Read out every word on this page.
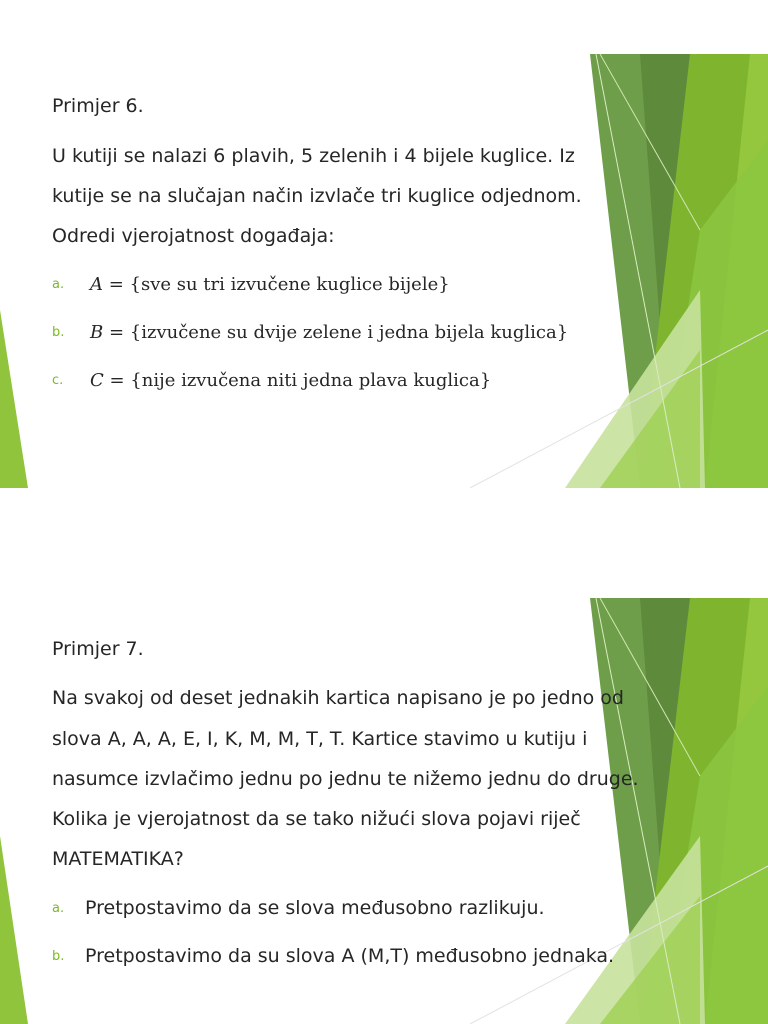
Primjer 6.
U kutiji se nalazi 6 plavih, 5 zelenih i 4 bijele kuglice. Iz
kutije se na slučajan način izvlače tri kuglice odjednom.
Odredi vjerojatnost događaja:
a. A = {sve su tri izvučene kuglice bijele}
b. B = {izvučene su dvije zelene i jedna bijela kuglica}
c. C = {nije izvučena niti jedna plava kuglica}
Primjer 7.
Na svakoj od deset jednakih kartica napisano je po jedno od
slova A, A, A, E, I, K, M, M, T, T. Kartice stavimo u kutiju i
nasumce izvlačimo jednu po jednu te nižemo jednu do druge.
Kolika je vjerojatnost da se tako nižući slova pojavi riječ
MATEMATIKA?
a. Pretpostavimo da se slova međusobno razlikuju.
b. Pretpostavimo da su slova A (M,T) međusobno jednaka.
